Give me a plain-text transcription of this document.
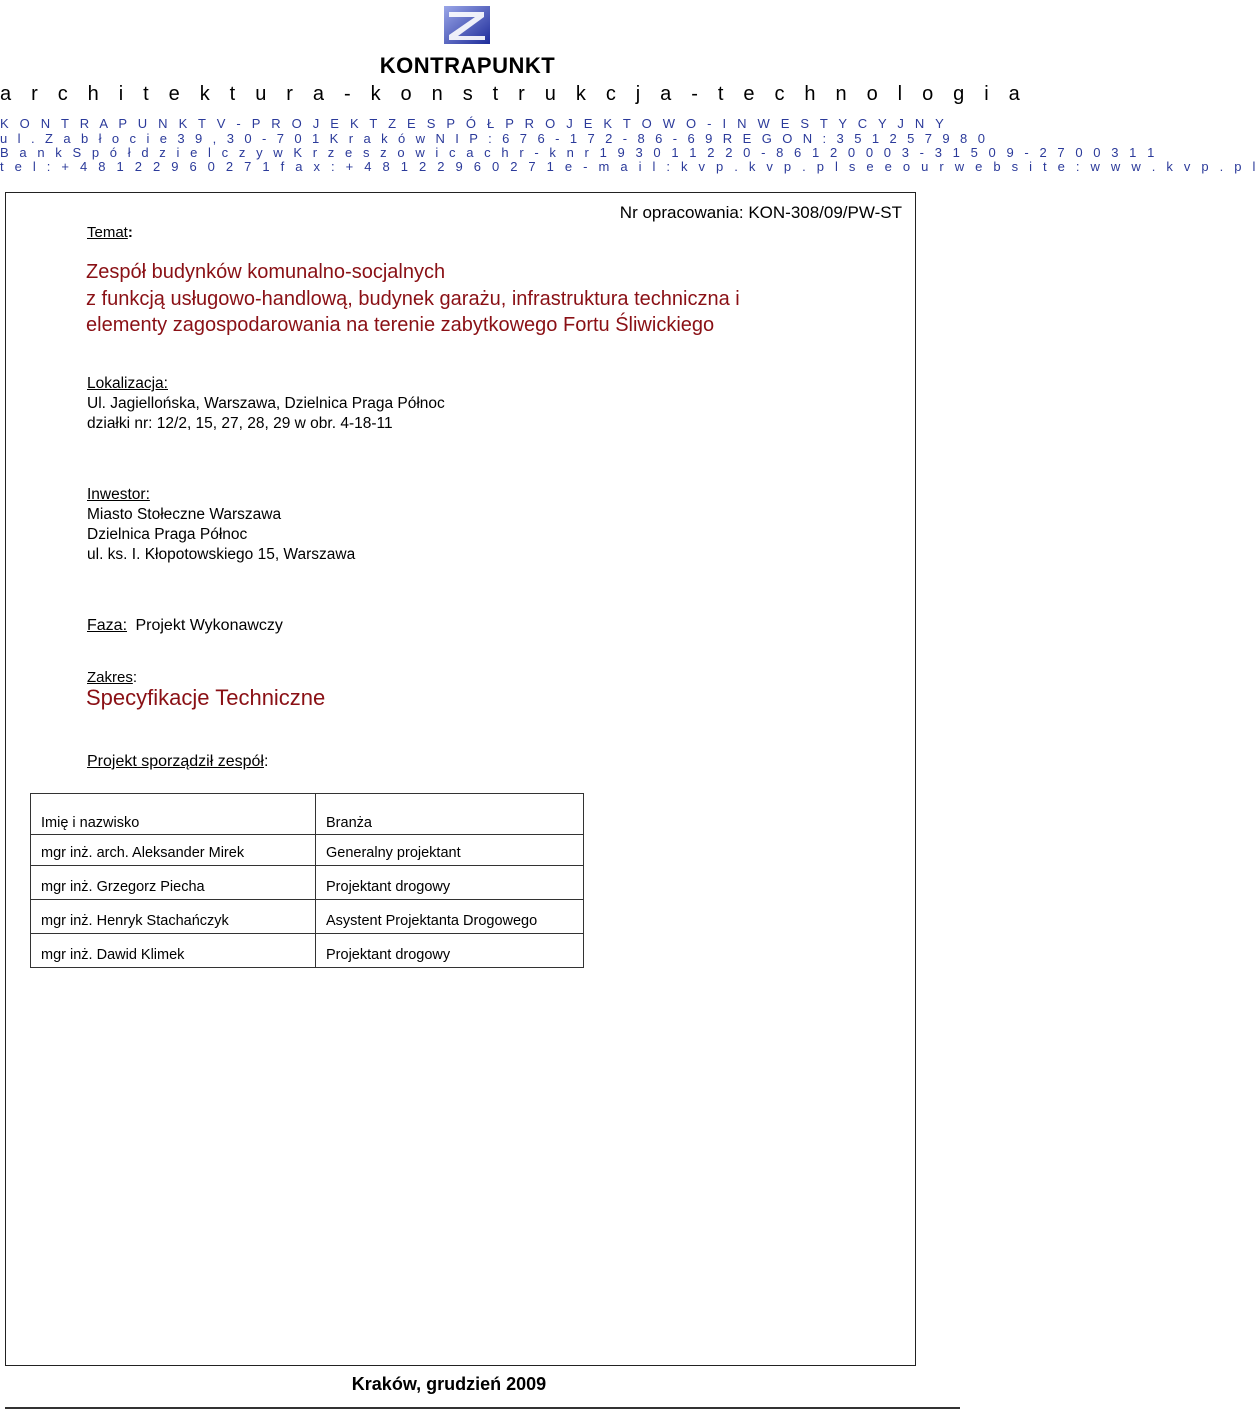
KONTRAPUNKT
a r c h i t e k t u r a - k o n s t r u k c j a - t e c h n o l o g i a
K O N T R A P U N K T V - P R O J E K T Z E S P Ó Ł P R O J E K T O W O - I N W E S T Y C Y J N Y
u l . Z a b ł o c i e 3 9 , 3 0 - 7 0 1 K r a k ó w N I P : 6 7 6 - 1 7 2 - 8 6 - 6 9 R E G O N : 3 5 1 2 5 7 9 8 0
B a n k S p ó ł d z i e l c z y w K r z e s z o w i c a c h r - k n r 1 9 3 0 1 1 2 2 0 - 8 6 1 2 0 0 0 3 - 3 1 5 0 9 - 2 7 0 0 3 1 1
t e l : + 4 8 1 2 2 9 6 0 2 7 1 f a x : + 4 8 1 2 2 9 6 0 2 7 1 e - m a i l : k v p . k v p . p l s e e o u r w e b s i t e : w w w . k v p . p l
Temat:
Nr opracowania: KON-308/09/PW-ST
Zespół budynków komunalno-socjalnych
z funkcją usługowo-handlową, budynek garażu, infrastruktura techniczna i
elementy zagospodarowania na terenie zabytkowego Fortu Śliwickiego
Lokalizacja:
Ul. Jagiellońska, Warszawa, Dzielnica Praga Północ
działki nr: 12/2, 15, 27, 28, 29 w obr. 4-18-11
Inwestor:
Miasto Stołeczne Warszawa
Dzielnica Praga Północ
ul. ks. I. Kłopotowskiego 15, Warszawa
Faza: Projekt Wykonawczy
Zakres:
Specyfikacje Techniczne
Projekt sporządził zespół:
Imię i nazwisko	Branża
mgr inż. arch. Aleksander Mirek	Generalny projektant
mgr inż. Grzegorz Piecha	Projektant drogowy
mgr inż. Henryk Stachańczyk	Asystent Projektanta Drogowego
mgr inż. Dawid Klimek	Projektant drogowy
Kraków, grudzień 2009
